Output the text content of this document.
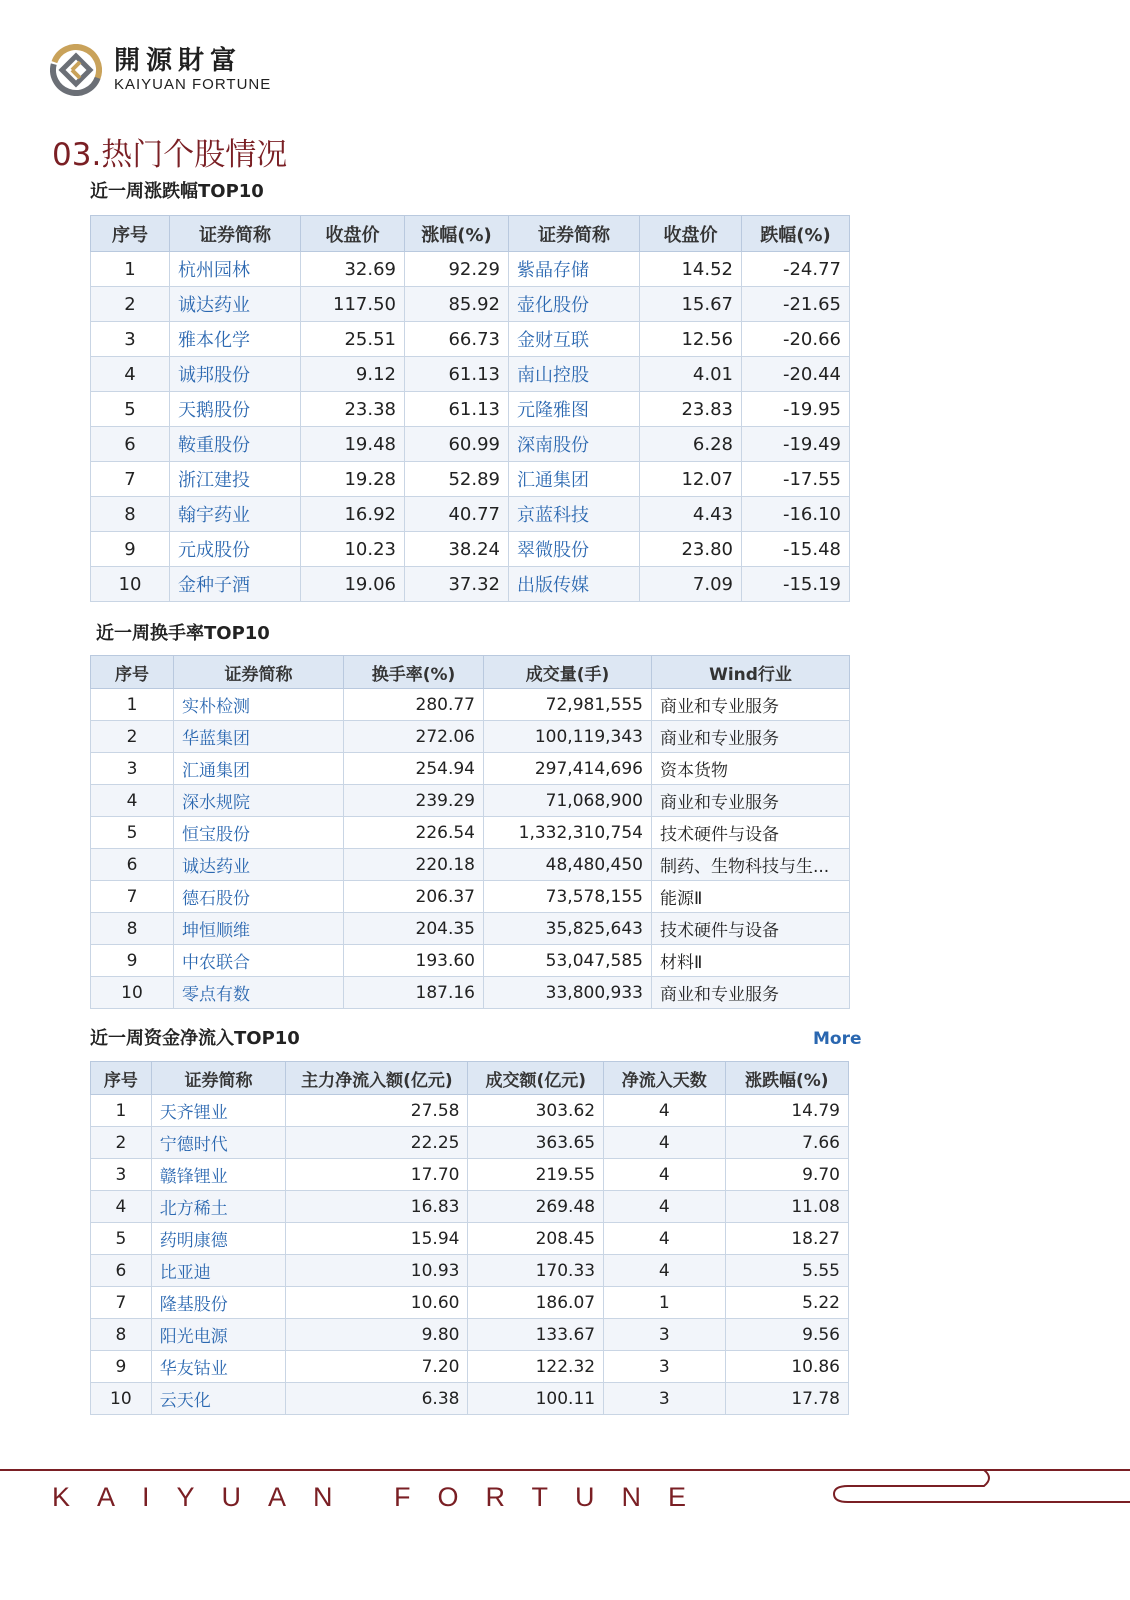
開源財富
KAIYUAN FORTUNE
03.热门个股情况
近一周涨跌幅TOP10
序号	证券简称	收盘价	涨幅(%)	证券简称	收盘价	跌幅(%)
1	杭州园林	32.69	92.29	紫晶存储	14.52	-24.77
2	诚达药业	117.50	85.92	壶化股份	15.67	-21.65
3	雅本化学	25.51	66.73	金财互联	12.56	-20.66
4	诚邦股份	9.12	61.13	南山控股	4.01	-20.44
5	天鹅股份	23.38	61.13	元隆雅图	23.83	-19.95
6	鞍重股份	19.48	60.99	深南股份	6.28	-19.49
7	浙江建投	19.28	52.89	汇通集团	12.07	-17.55
8	翰宇药业	16.92	40.77	京蓝科技	4.43	-16.10
9	元成股份	10.23	38.24	翠微股份	23.80	-15.48
10	金种子酒	19.06	37.32	出版传媒	7.09	-15.19
近一周换手率TOP10
序号	证券简称	换手率(%)	成交量(手)	Wind行业
1	实朴检测	280.77	72,981,555	商业和专业服务
2	华蓝集团	272.06	100,119,343	商业和专业服务
3	汇通集团	254.94	297,414,696	资本货物
4	深水规院	239.29	71,068,900	商业和专业服务
5	恒宝股份	226.54	1,332,310,754	技术硬件与设备
6	诚达药业	220.18	48,480,450	制药、生物科技与生...
7	德石股份	206.37	73,578,155	能源Ⅱ
8	坤恒顺维	204.35	35,825,643	技术硬件与设备
9	中农联合	193.60	53,047,585	材料Ⅱ
10	零点有数	187.16	33,800,933	商业和专业服务
近一周资金净流入TOP10	More
序号	证券简称	主力净流入额(亿元)	成交额(亿元)	净流入天数	涨跌幅(%)
1	天齐锂业	27.58	303.62	4	14.79
2	宁德时代	22.25	363.65	4	7.66
3	赣锋锂业	17.70	219.55	4	9.70
4	北方稀土	16.83	269.48	4	11.08
5	药明康德	15.94	208.45	4	18.27
6	比亚迪	10.93	170.33	4	5.55
7	隆基股份	10.60	186.07	1	5.22
8	阳光电源	9.80	133.67	3	9.56
9	华友钴业	7.20	122.32	3	10.86
10	云天化	6.38	100.11	3	17.78
KAIYUAN FORTUNE
